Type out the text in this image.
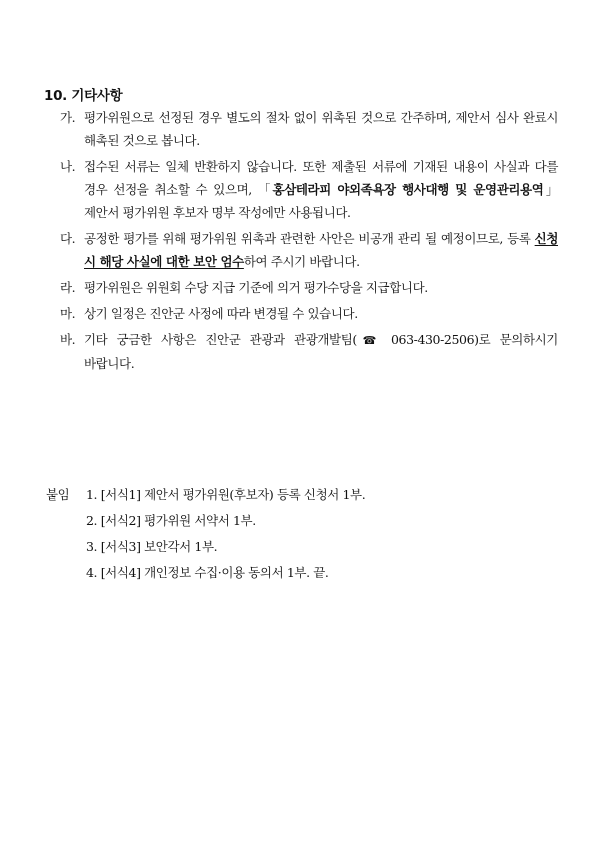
10. 기타사항
가. 평가위원으로 선정된 경우 별도의 절차 없이 위촉된 것으로 간주하며, 제안서 심사 완료시 해촉된 것으로 봅니다.
나. 접수된 서류는 일체 반환하지 않습니다. 또한 제출된 서류에 기재된 내용이 사실과 다를 경우 선정을 취소할 수 있으며, 「홍삼테라피 야외족욕장 행사대행 및 운영관리용역」제안서 평가위원 후보자 명부 작성에만 사용됩니다.
다. 공정한 평가를 위해 평가위원 위촉과 관련한 사안은 비공개 관리 될 예정이므로, 등록 신청 시 해당 사실에 대한 보안 엄수하여 주시기 바랍니다.
라. 평가위원은 위원회 수당 지급 기준에 의거 평가수당을 지급합니다.
마. 상기 일정은 진안군 사정에 따라 변경될 수 있습니다.
바. 기타 궁금한 사항은 진안군 관광과 관광개발팀(☎ 063-430-2506)로 문의하시기 바랍니다.
붙임	1. [서식1] 제안서 평가위원(후보자) 등록 신청서 1부.
2. [서식2] 평가위원 서약서 1부.
3. [서식3] 보안각서 1부.
4. [서식4] 개인정보 수집·이용 동의서 1부. 끝.
